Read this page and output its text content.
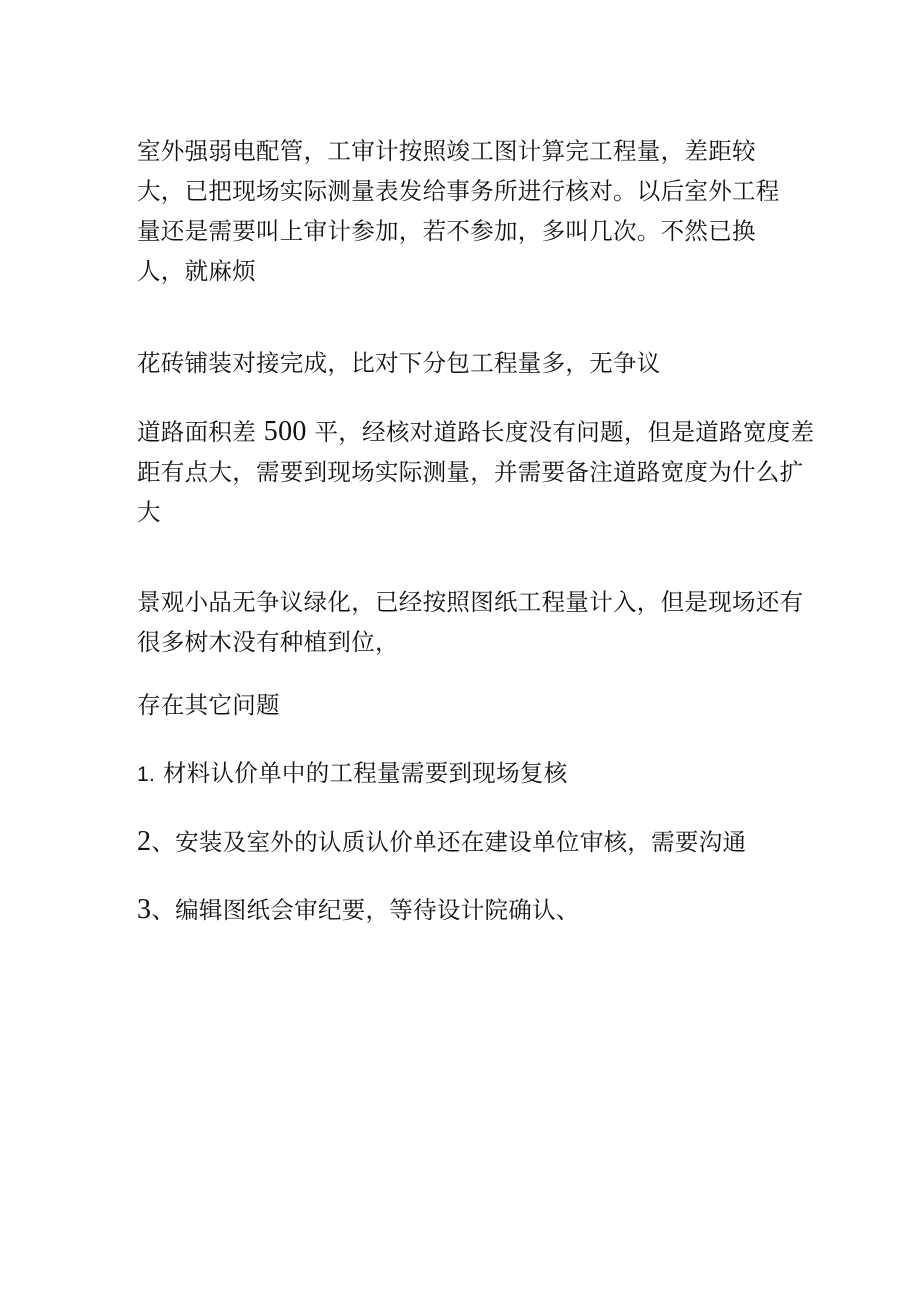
室外强弱电配管，工审计按照竣工图计算完工程量，差距较
大，已把现场实际测量表发给事务所进行核对。以后室外工程
量还是需要叫上审计参加，若不参加，多叫几次。不然已换
人，就麻烦
花砖铺装对接完成，比对下分包工程量多，无争议
道路面积差 500 平，经核对道路长度没有问题，但是道路宽度差
距有点大，需要到现场实际测量，并需要备注道路宽度为什么扩
大
景观小品无争议绿化，已经按照图纸工程量计入，但是现场还有
很多树木没有种植到位，
存在其它问题
1. 材料认价单中的工程量需要到现场复核
2、安装及室外的认质认价单还在建设单位审核，需要沟通
3、编辑图纸会审纪要，等待设计院确认、
